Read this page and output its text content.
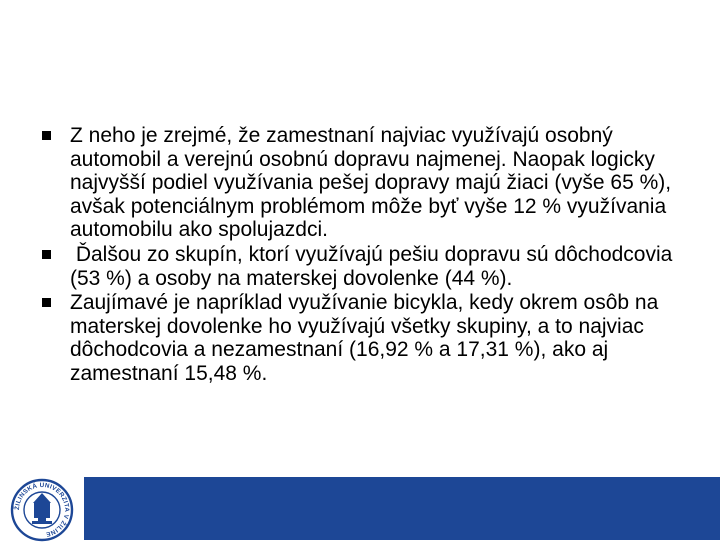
Z neho je zrejmé, že zamestnaní najviac využívajú osobný automobil a verejnú osobnú dopravu najmenej. Naopak logicky najvyšší podiel využívania pešej dopravy majú žiaci (vyše 65 %), avšak potenciálnym problémom môže byť vyše 12 % využívania automobilu ako spolujazdci.
Ďalšou zo skupín, ktorí využívajú pešiu dopravu sú dôchodcovia (53 %) a osoby na materskej dovolenke (44 %).
Zaujímavé je napríklad využívanie bicykla, kedy okrem osôb na materskej dovolenke ho využívajú všetky skupiny, a to najviac dôchodcovia a nezamestnaní (16,92 % a 17,31 %), ako aj zamestnaní 15,48 %.
ŽILINSKÁ UNIVERZITA V ŽILINE
